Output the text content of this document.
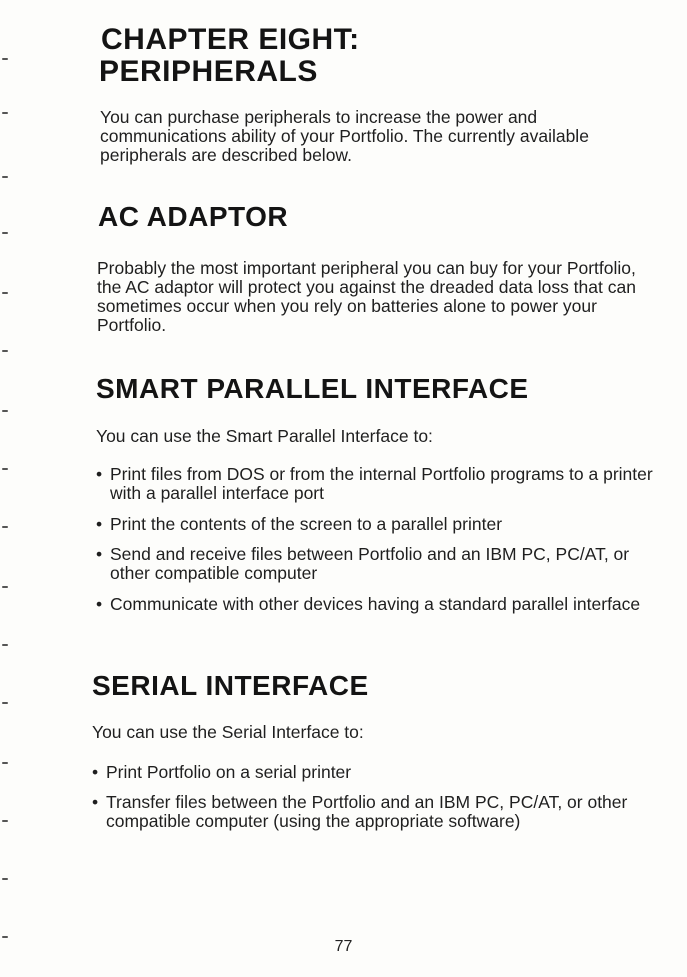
CHAPTER EIGHT:
PERIPHERALS

You can purchase peripherals to increase the power and communications ability of your Portfolio. The currently available peripherals are described below.

AC ADAPTOR

Probably the most important peripheral you can buy for your Portfolio, the AC adaptor will protect you against the dreaded data loss that can sometimes occur when you rely on batteries alone to power your Portfolio.

SMART PARALLEL INTERFACE

You can use the Smart Parallel Interface to:

• Print files from DOS or from the internal Portfolio programs to a printer with a parallel interface port
• Print the contents of the screen to a parallel printer
• Send and receive files between Portfolio and an IBM PC, PC/AT, or other compatible computer
• Communicate with other devices having a standard parallel interface
SERIAL INTERFACE

You can use the Serial Interface to:

• Print Portfolio on a serial printer
• Transfer files between the Portfolio and an IBM PC, PC/AT, or other compatible computer (using the appropriate software)
77
